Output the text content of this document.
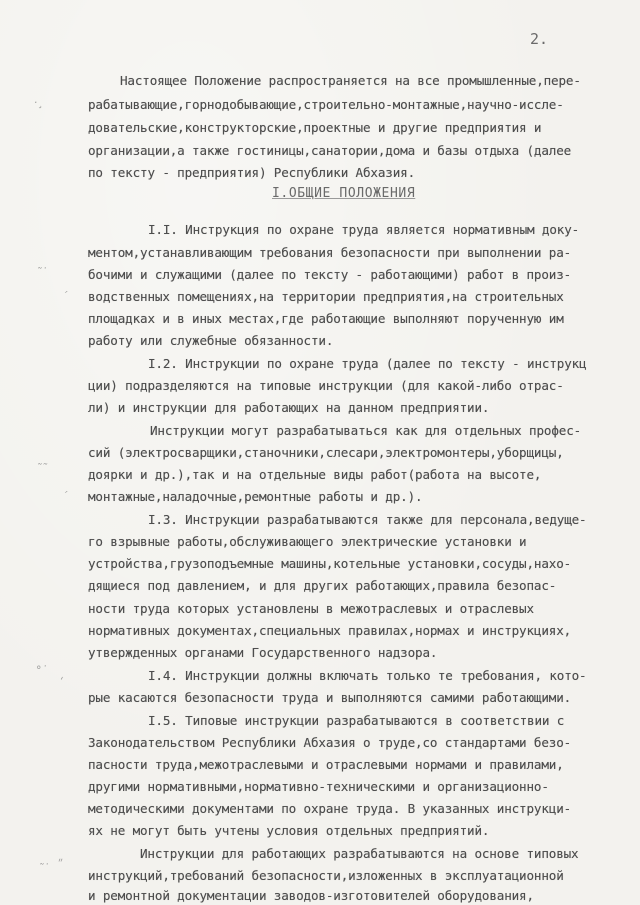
2.
·¸
˜˙
ˊ
˜˜
ˊ
°˙
ʻ
˜˙ ʺ
Настоящее Положение распространяется на все промышленные,пере-
рабатывающие,горнодобывающие,строительно-монтажные,научно-иссле-
довательские,конструкторские,проектные и другие предприятия и
организации,а также гостиницы,санатории,дома и базы отдыха (далее
по тексту - предприятия) Республики Абхазия.
I.ОБЩИЕ ПОЛОЖЕНИЯ
I.I. Инструкция по охране труда является нормативным доку-
ментом,устанавливающим требования безопасности при выполнении ра-
бочими и служащими (далее по тексту - работающими) работ в произ-
водственных помещениях,на территории предприятия,на строительных
площадках и в иных местах,где работающие выполняют порученную им
работу или служебные обязанности.
I.2. Инструкции по охране труда (далее по тексту - инструкц
ции) подразделяются на типовые инструкции (для какой-либо отрас-
ли) и инструкции для работающих на данном предприятии.
Инструкции могут разрабатываться как для отдельных профес-
сий (электросварщики,станочники,слесари,электромонтеры,уборщицы,
доярки и др.),так и на отдельные виды работ(работа на высоте,
монтажные,наладочные,ремонтные работы и др.).
I.3. Инструкции разрабатываются также для персонала,ведуще-
го взрывные работы,обслуживающего электрические установки и
устройства,грузоподъемные машины,котельные установки,сосуды,нахо-
дящиеся под давлением, и для других работающих,правила безопас-
ности труда которых установлены в межотраслевых и отраслевых
нормативных документах,специальных правилах,нормах и инструкциях,
утвержденных органами Государственного надзора.
I.4. Инструкции должны включать только те требования, кото-
рые касаются безопасности труда и выполняются самими работающими.
I.5. Типовые инструкции разрабатываются в соответствии с
Законодательством Республики Абхазия о труде,со стандартами безо-
пасности труда,межотраслевыми и отраслевыми нормами и правилами,
другими нормативными,нормативно-техническими и организационно-
методическими документами по охране труда. В указанных инструкци-
ях не могут быть учтены условия отдельных предприятий.
Инструкции для работающих разрабатываются на основе типовых
инструкций,требований безопасности,изложенных в эксплуатационной
и ремонтной документации заводов-изготовителей оборудования,
